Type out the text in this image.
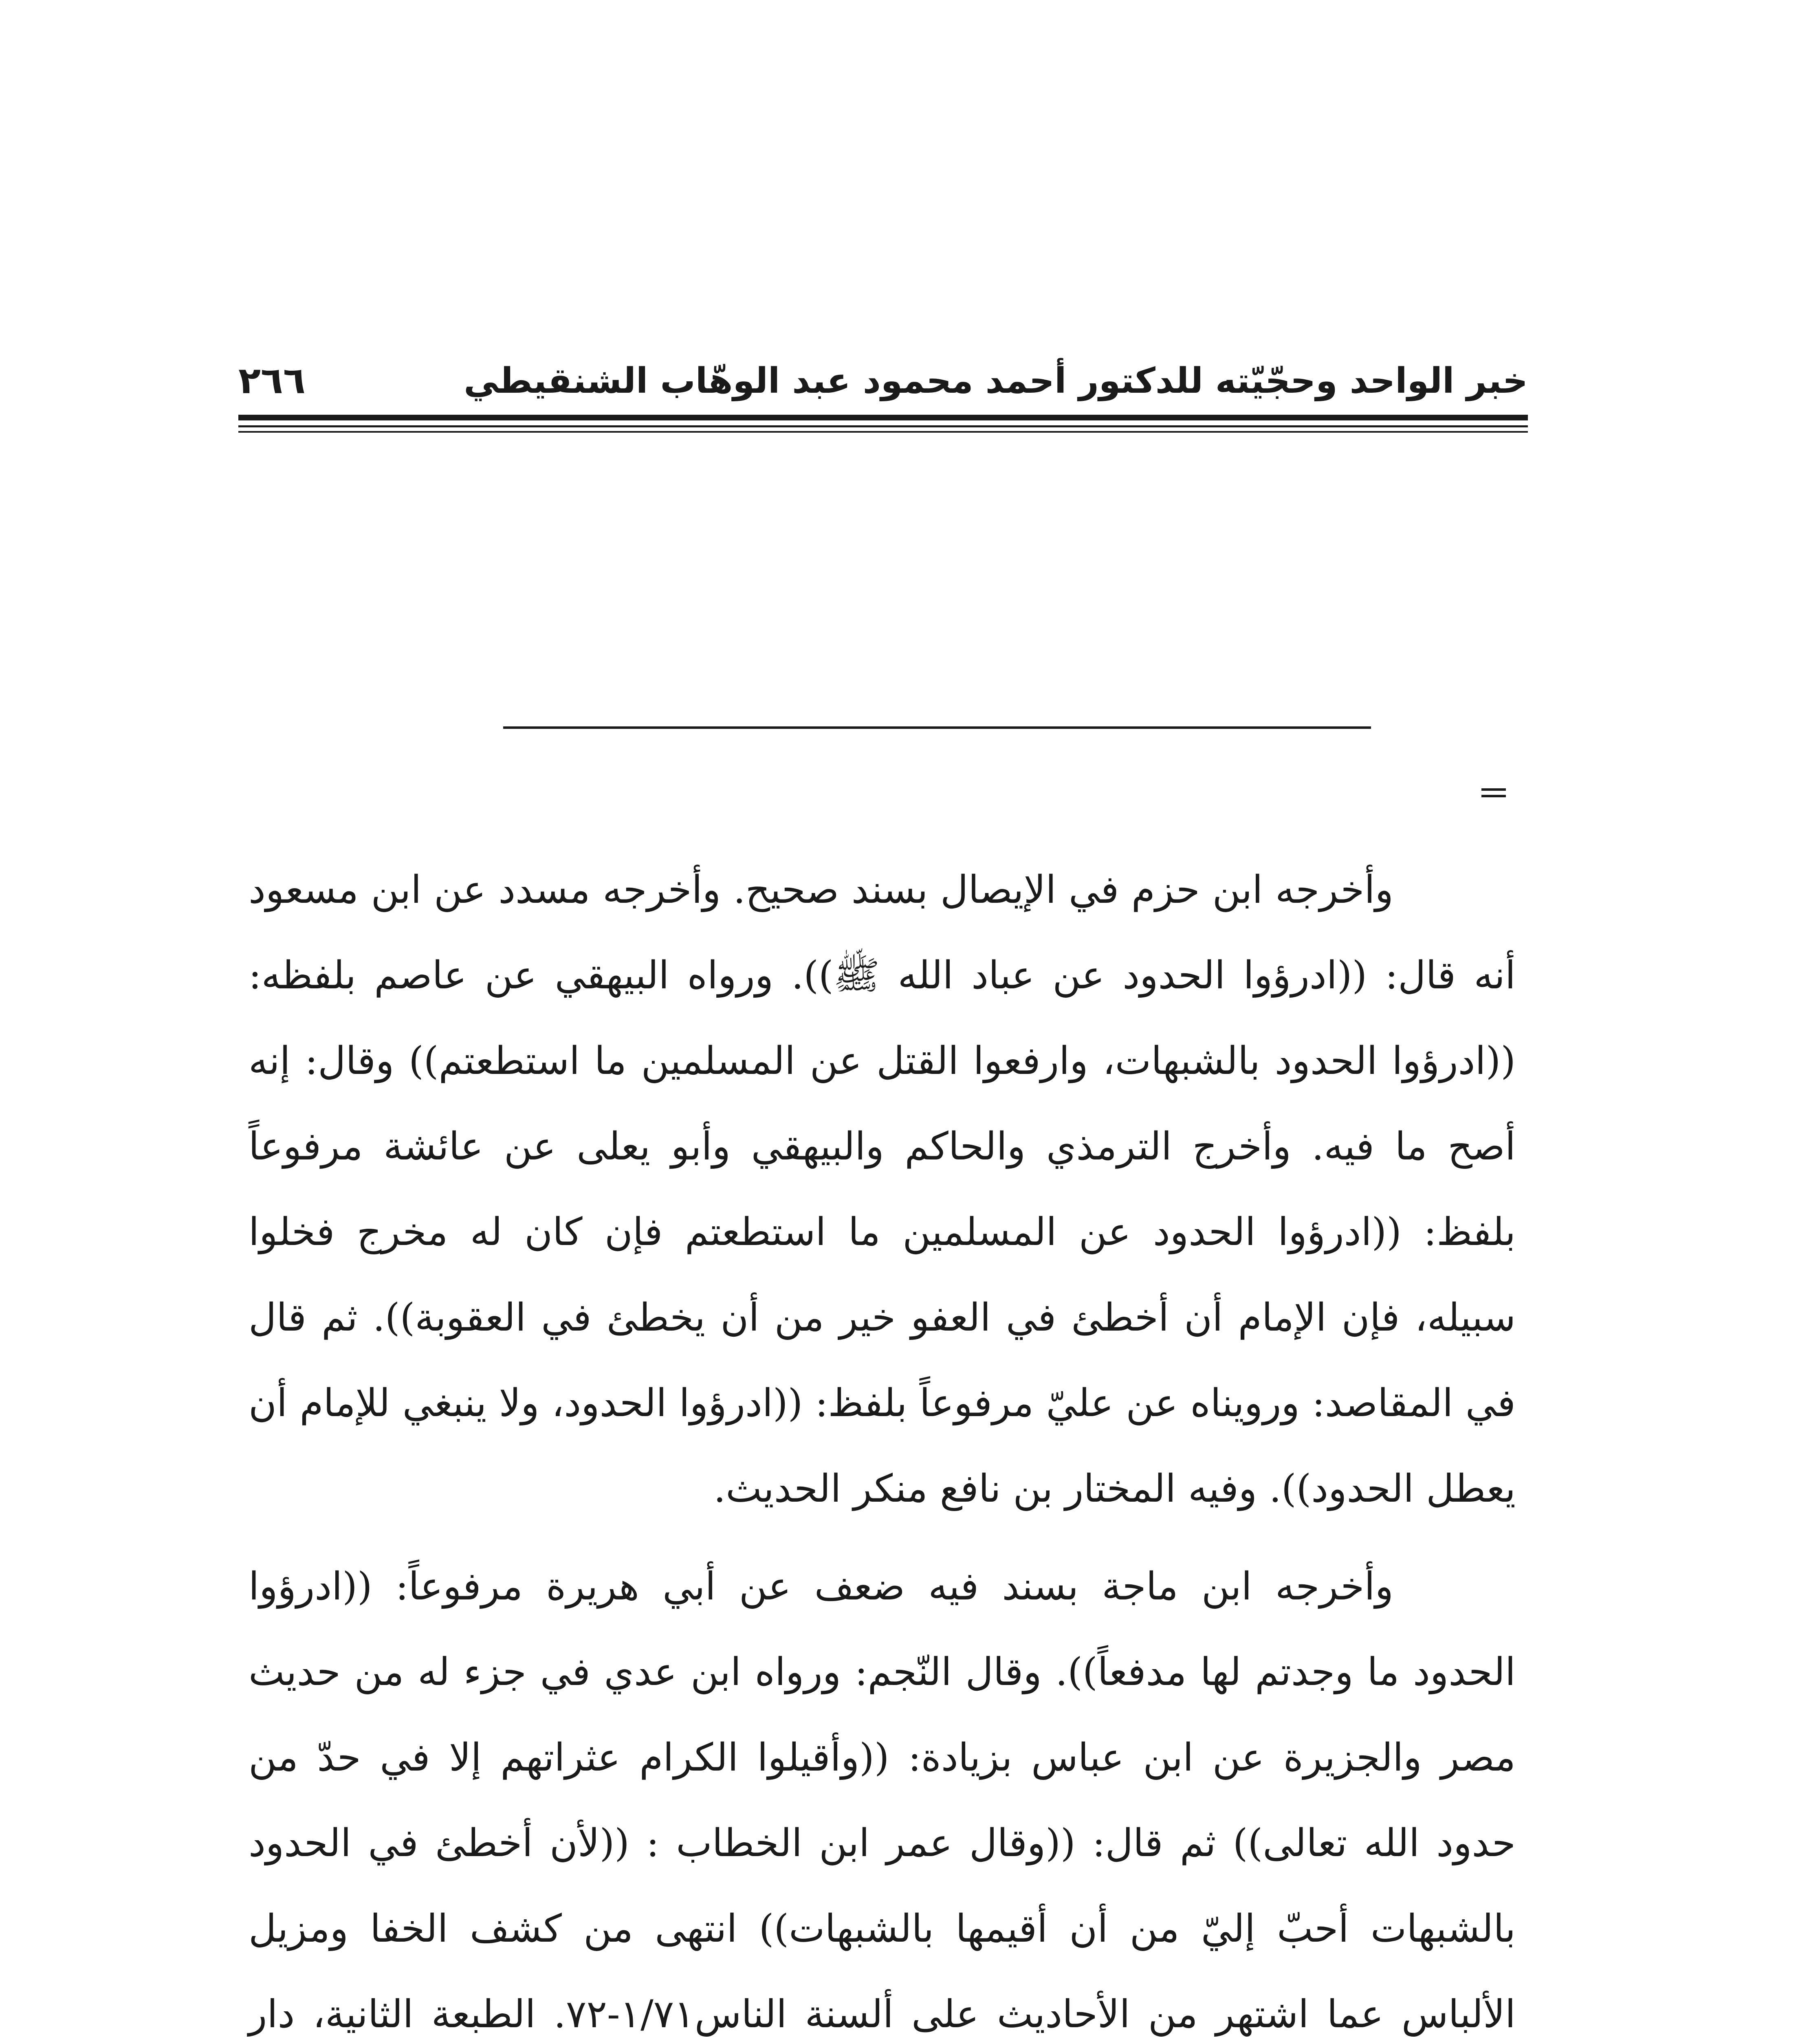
خبر الواحد وحجّيّته للدكتور أحمد محمود عبد الوهّاب الشنقيطي
٢٦٦

وأخرجه ابن حزم في الإيصال بسند صحيح. وأخرجه مسدد عن ابن مسعود أنه قال: ((ادرؤوا الحدود عن عباد الله ﷺ)). ورواه البيهقي عن عاصم بلفظه: ((ادرؤوا الحدود بالشبهات، وارفعوا القتل عن المسلمين ما استطعتم)) وقال: إنه أصح ما فيه. وأخرج الترمذي والحاكم والبيهقي وأبو يعلى عن عائشة مرفوعاً بلفظ: ((ادرؤوا الحدود عن المسلمين ما استطعتم فإن كان له مخرج فخلوا سبيله، فإن الإمام أن أخطئ في العفو خير من أن يخطئ في العقوبة)). ثم قال في المقاصد: ورويناه عن عليّ مرفوعاً بلفظ: ((ادرؤوا الحدود، ولا ينبغي للإمام أن يعطل الحدود)). وفيه المختار بن نافع منكر الحديث.

وأخرجه ابن ماجة بسند فيه ضعف عن أبي هريرة مرفوعاً: ((ادرؤوا الحدود ما وجدتم لها مدفعاً)). وقال النّجم: ورواه ابن عدي في جزء له من حديث مصر والجزيرة عن ابن عباس بزيادة: ((وأقيلوا الكرام عثراتهم إلا في حدّ من حدود الله تعالى)) ثم قال: ((وقال عمر ابن الخطاب : ((لأن أخطئ في الحدود بالشبهات أحبّ إليّ من أن أقيمها بالشبهات)) انتهى من كشف الخفا ومزيل الألباس عما اشتهر من الأحاديث على ألسنة الناس١/٧١-٧٢. الطبعة الثانية، دار
